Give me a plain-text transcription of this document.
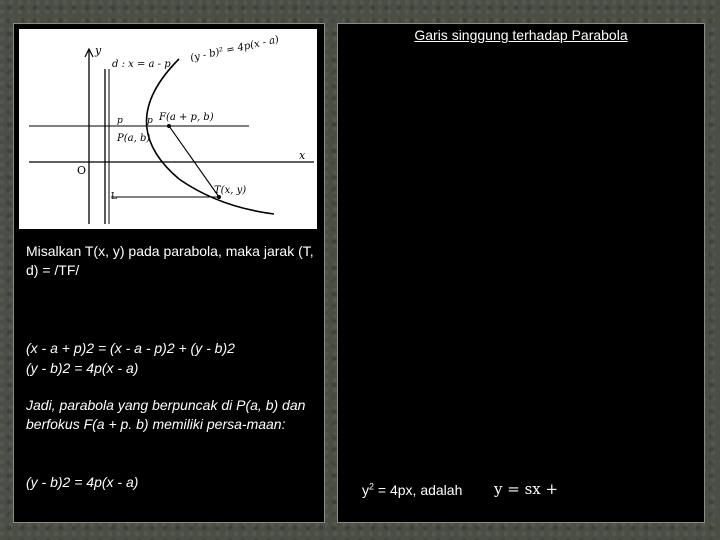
y
x
O
d : x = a - p
(y - b)² = 4p(x - a)
p	p F(a + p, b)
P(a, b)
T(x, y)
L
Misalkan T(x, y) pada parabola, maka jarak (T, d) = /TF/
(x - a + p)2 = (x - a - p)2 + (y - b)2
(y - b)2 = 4p(x - a)
Jadi, parabola yang berpuncak di P(a, b) dan berfokus F(a + p. b) memiliki persa-maan:
(y - b)2 = 4p(x - a)
Garis singgung terhadap Parabola
$y^2 = 4px$, adalah y = sx +
